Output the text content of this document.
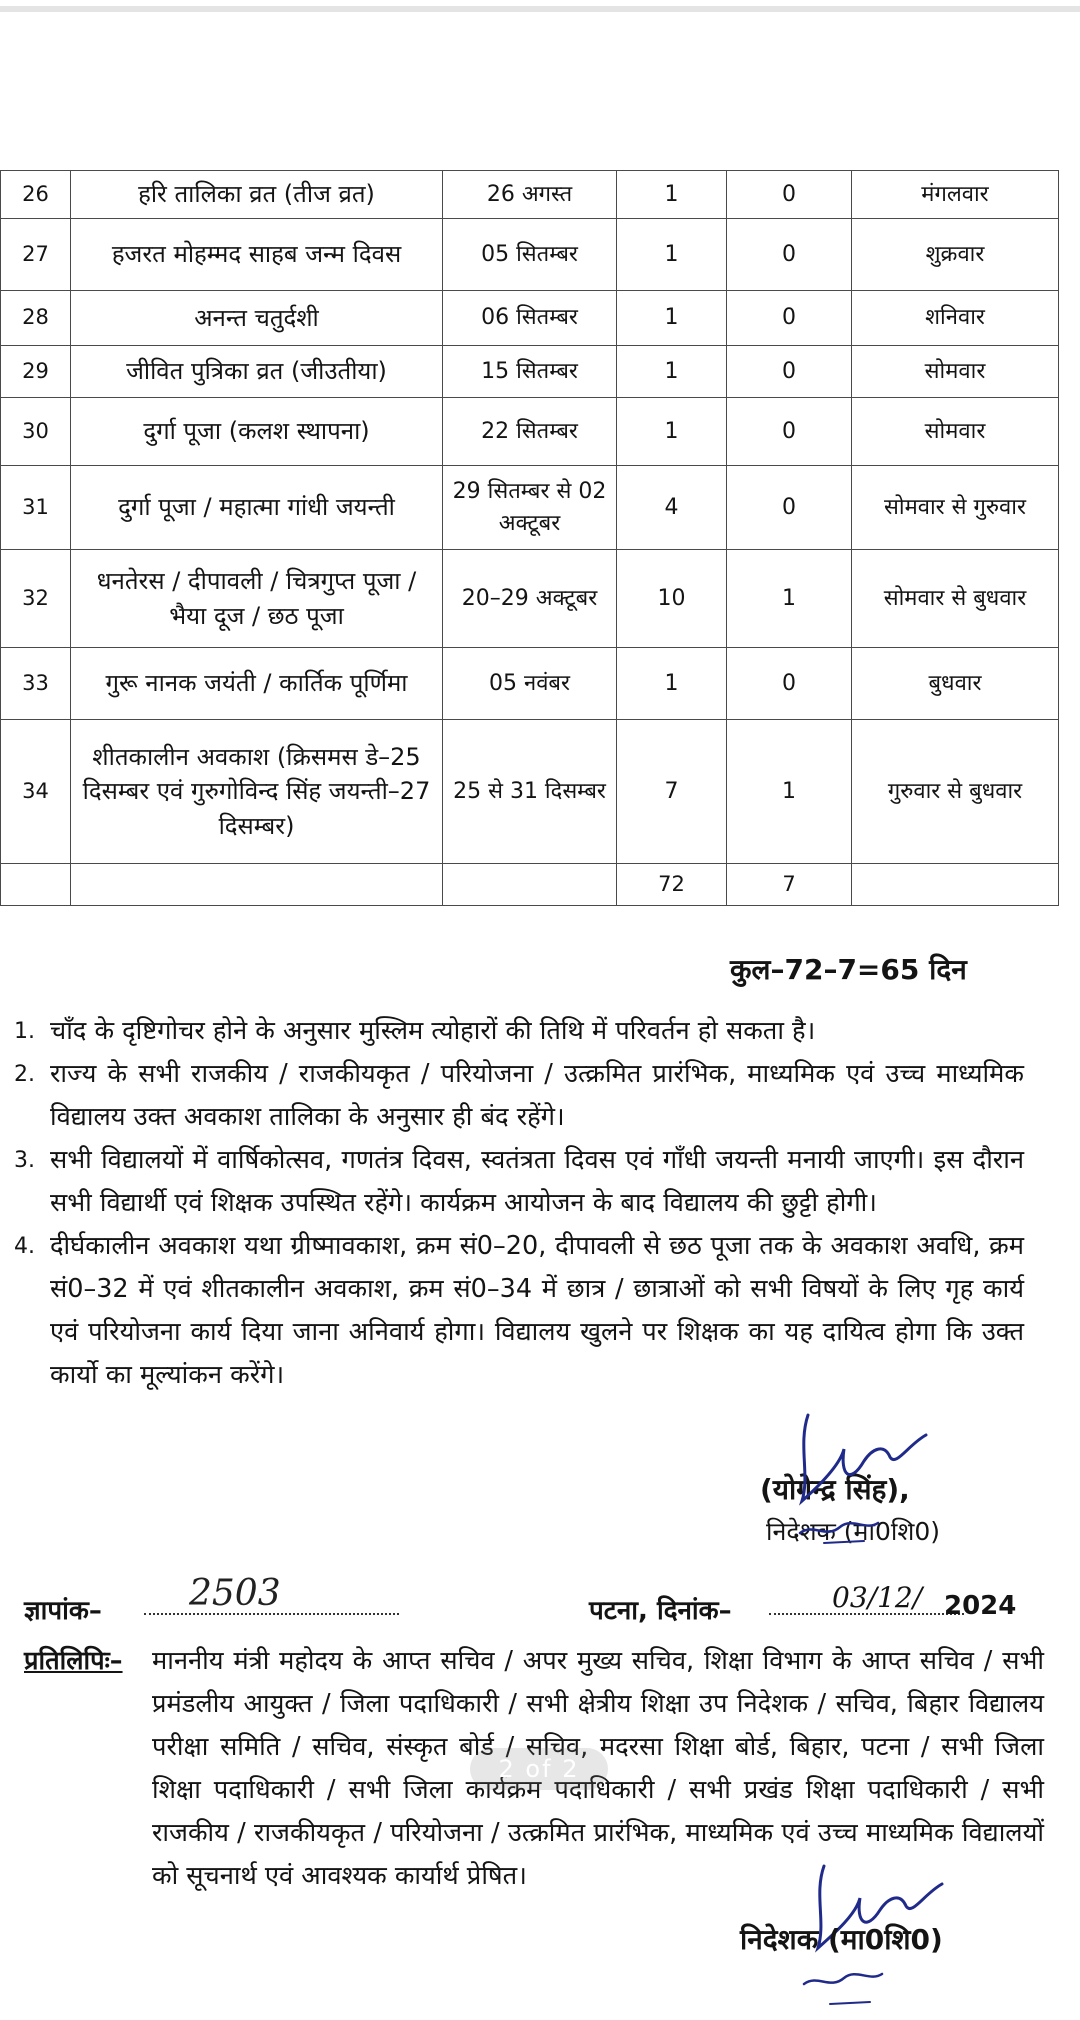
26	हरि तालिका व्रत (तीज व्रत)	26 अगस्त	1	0	मंगलवार
27	हजरत मोहम्मद साहब जन्म दिवस	05 सितम्बर	1	0	शुक्रवार
28	अनन्त चतुर्दशी	06 सितम्बर	1	0	शनिवार
29	जीवित पुत्रिका व्रत (जीउतीया)	15 सितम्बर	1	0	सोमवार
30	दुर्गा पूजा (कलश स्थापना)	22 सितम्बर	1	0	सोमवार
31	दुर्गा पूजा / महात्मा गांधी जयन्ती	29 सितम्बर से 02 अक्टूबर	4	0	सोमवार से गुरुवार
32	धनतेरस / दीपावली / चित्रगुप्त पूजा / भैया दूज / छठ पूजा	20–29 अक्टूबर	10	1	सोमवार से बुधवार
33	गुरू नानक जयंती / कार्तिक पूर्णिमा	05 नवंबर	1	0	बुधवार
34	शीतकालीन अवकाश (क्रिसमस डे–25 दिसम्बर एवं गुरुगोविन्द सिंह जयन्ती–27 दिसम्बर)	25 से 31 दिसम्बर	7	1	गुरुवार से बुधवार
			72	7	
कुल–72–7=65 दिन
1. चाँद के दृष्टिगोचर होने के अनुसार मुस्लिम त्योहारों की तिथि में परिवर्तन हो सकता है।
2. राज्य के सभी राजकीय / राजकीयकृत / परियोजना / उत्क्रमित प्रारंभिक, माध्यमिक एवं उच्च माध्यमिक विद्यालय उक्त अवकाश तालिका के अनुसार ही बंद रहेंगे।
3. सभी विद्यालयों में वार्षिकोत्सव, गणतंत्र दिवस, स्वतंत्रता दिवस एवं गाँधी जयन्ती मनायी जाएगी। इस दौरान सभी विद्यार्थी एवं शिक्षक उपस्थित रहेंगे। कार्यक्रम आयोजन के बाद विद्यालय की छुट्टी होगी।
4. दीर्घकालीन अवकाश यथा ग्रीष्मावकाश, क्रम सं0–20, दीपावली से छठ पूजा तक के अवकाश अवधि, क्रम सं0–32 में एवं शीतकालीन अवकाश, क्रम सं0–34 में छात्र / छात्राओं को सभी विषयों के लिए गृह कार्य एवं परियोजना कार्य दिया जाना अनिवार्य होगा। विद्यालय खुलने पर शिक्षक का यह दायित्व होगा कि उक्त कार्यो का मूल्यांकन करेंगे।
(योगेन्द्र सिंह),
निदेशक (मा0शि0)
ज्ञापांक– 2503	पटना, दिनांक–	03/12/ 2024
प्रतिलिपिः– माननीय मंत्री महोदय के आप्त सचिव / अपर मुख्य सचिव, शिक्षा विभाग के आप्त सचिव / सभी प्रमंडलीय आयुक्त / जिला पदाधिकारी / सभी क्षेत्रीय शिक्षा उप निदेशक / सचिव, बिहार विद्यालय परीक्षा समिति / सचिव, संस्कृत बोर्ड / सचिव, मदरसा शिक्षा बोर्ड, बिहार, पटना / सभी जिला शिक्षा पदाधिकारी / सभी जिला कार्यक्रम पदाधिकारी / सभी प्रखंड शिक्षा पदाधिकारी / सभी राजकीय / राजकीयकृत / परियोजना / उत्क्रमित प्रारंभिक, माध्यमिक एवं उच्च माध्यमिक विद्यालयों को सूचनार्थ एवं आवश्यक कार्यार्थ प्रेषित।
निदेशक (मा0शि0)
2 of 2
